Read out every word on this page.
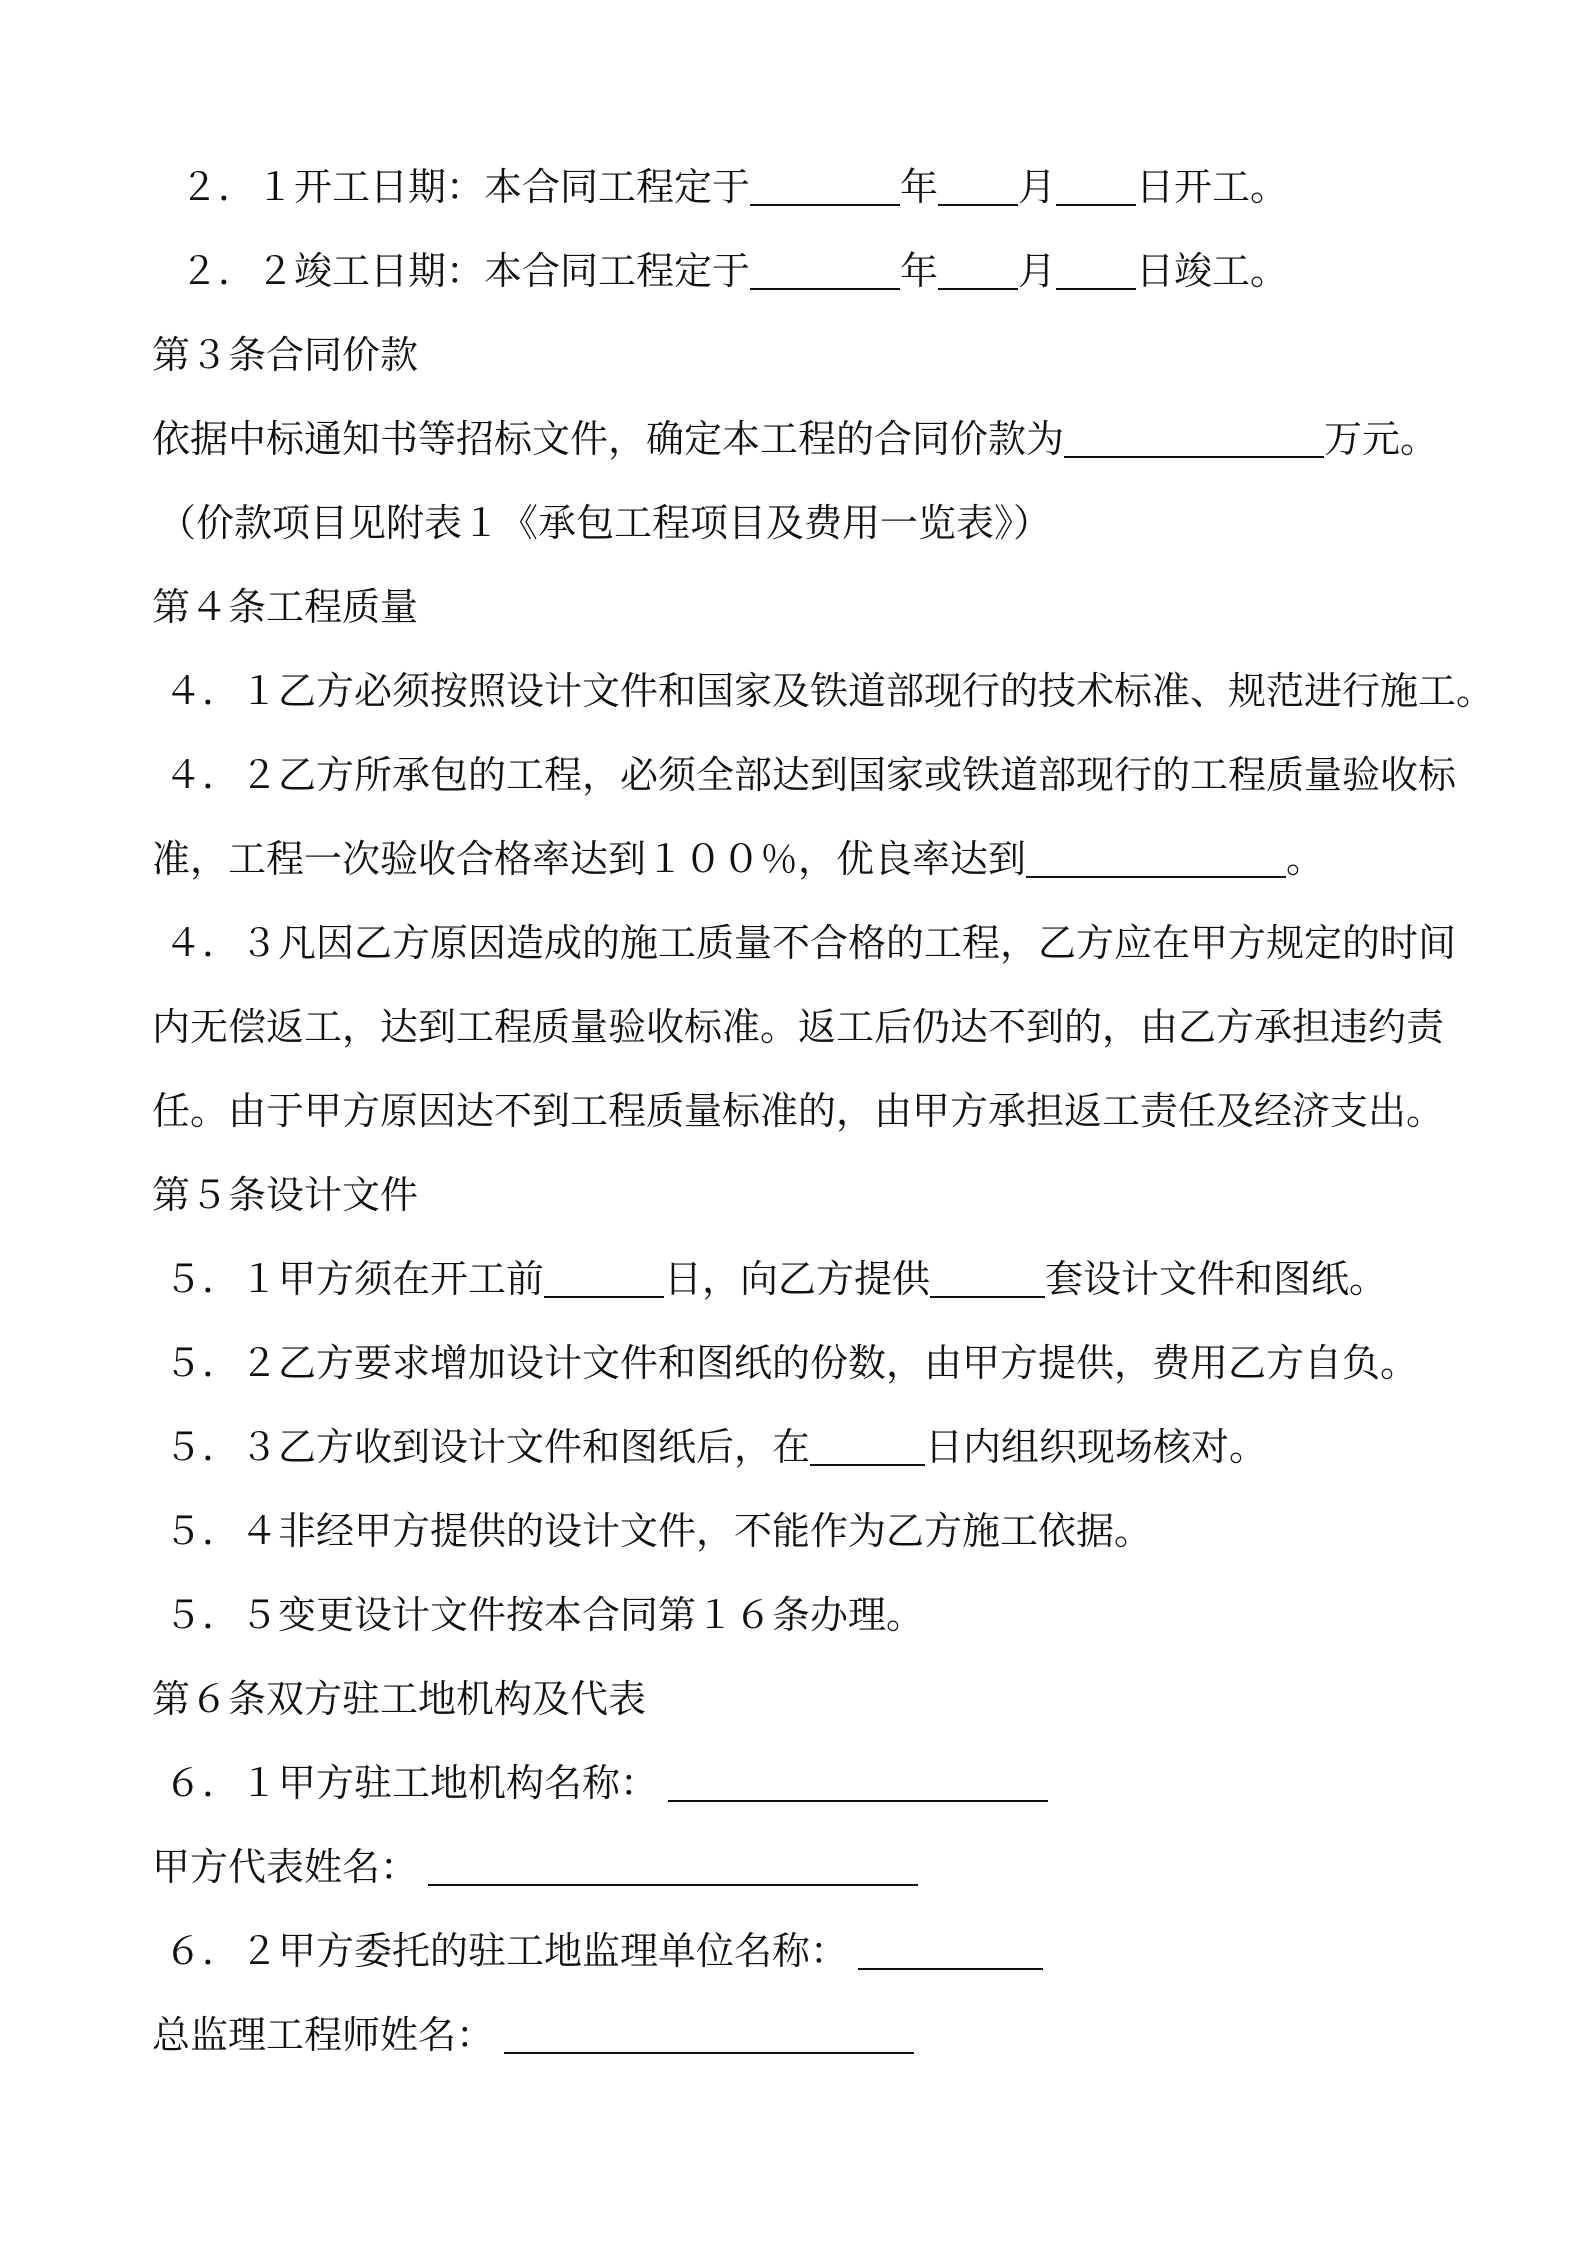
２．１开工日期：本合同工程定于	年 月 日开工。
２．２竣工日期：本合同工程定于	年 月 日竣工。
第３条合同价款
依据中标通知书等招标文件，确定本工程的合同价款为	万元。
（价款项目见附表１《承包工程项目及费用一览表》）
第４条工程质量
４．１乙方必须按照设计文件和国家及铁道部现行的技术标准、规范进行施工。
４．２乙方所承包的工程，必须全部达到国家或铁道部现行的工程质量验收标
准，工程一次验收合格率达到１００％，优良率达到	。
４．３凡因乙方原因造成的施工质量不合格的工程，乙方应在甲方规定的时间
内无偿返工，达到工程质量验收标准。返工后仍达不到的，由乙方承担违约责
任。由于甲方原因达不到工程质量标准的，由甲方承担返工责任及经济支出。
第５条设计文件
５．１甲方须在开工前	日，向乙方提供	套设计文件和图纸。
５．２乙方要求增加设计文件和图纸的份数，由甲方提供，费用乙方自负。
５．３乙方收到设计文件和图纸后，在	日内组织现场核对。
５．４非经甲方提供的设计文件，不能作为乙方施工依据。
５．５变更设计文件按本合同第１６条办理。
第６条双方驻工地机构及代表
６．１甲方驻工地机构名称：
甲方代表姓名：
６．２甲方委托的驻工地监理单位名称：
总监理工程师姓名：
